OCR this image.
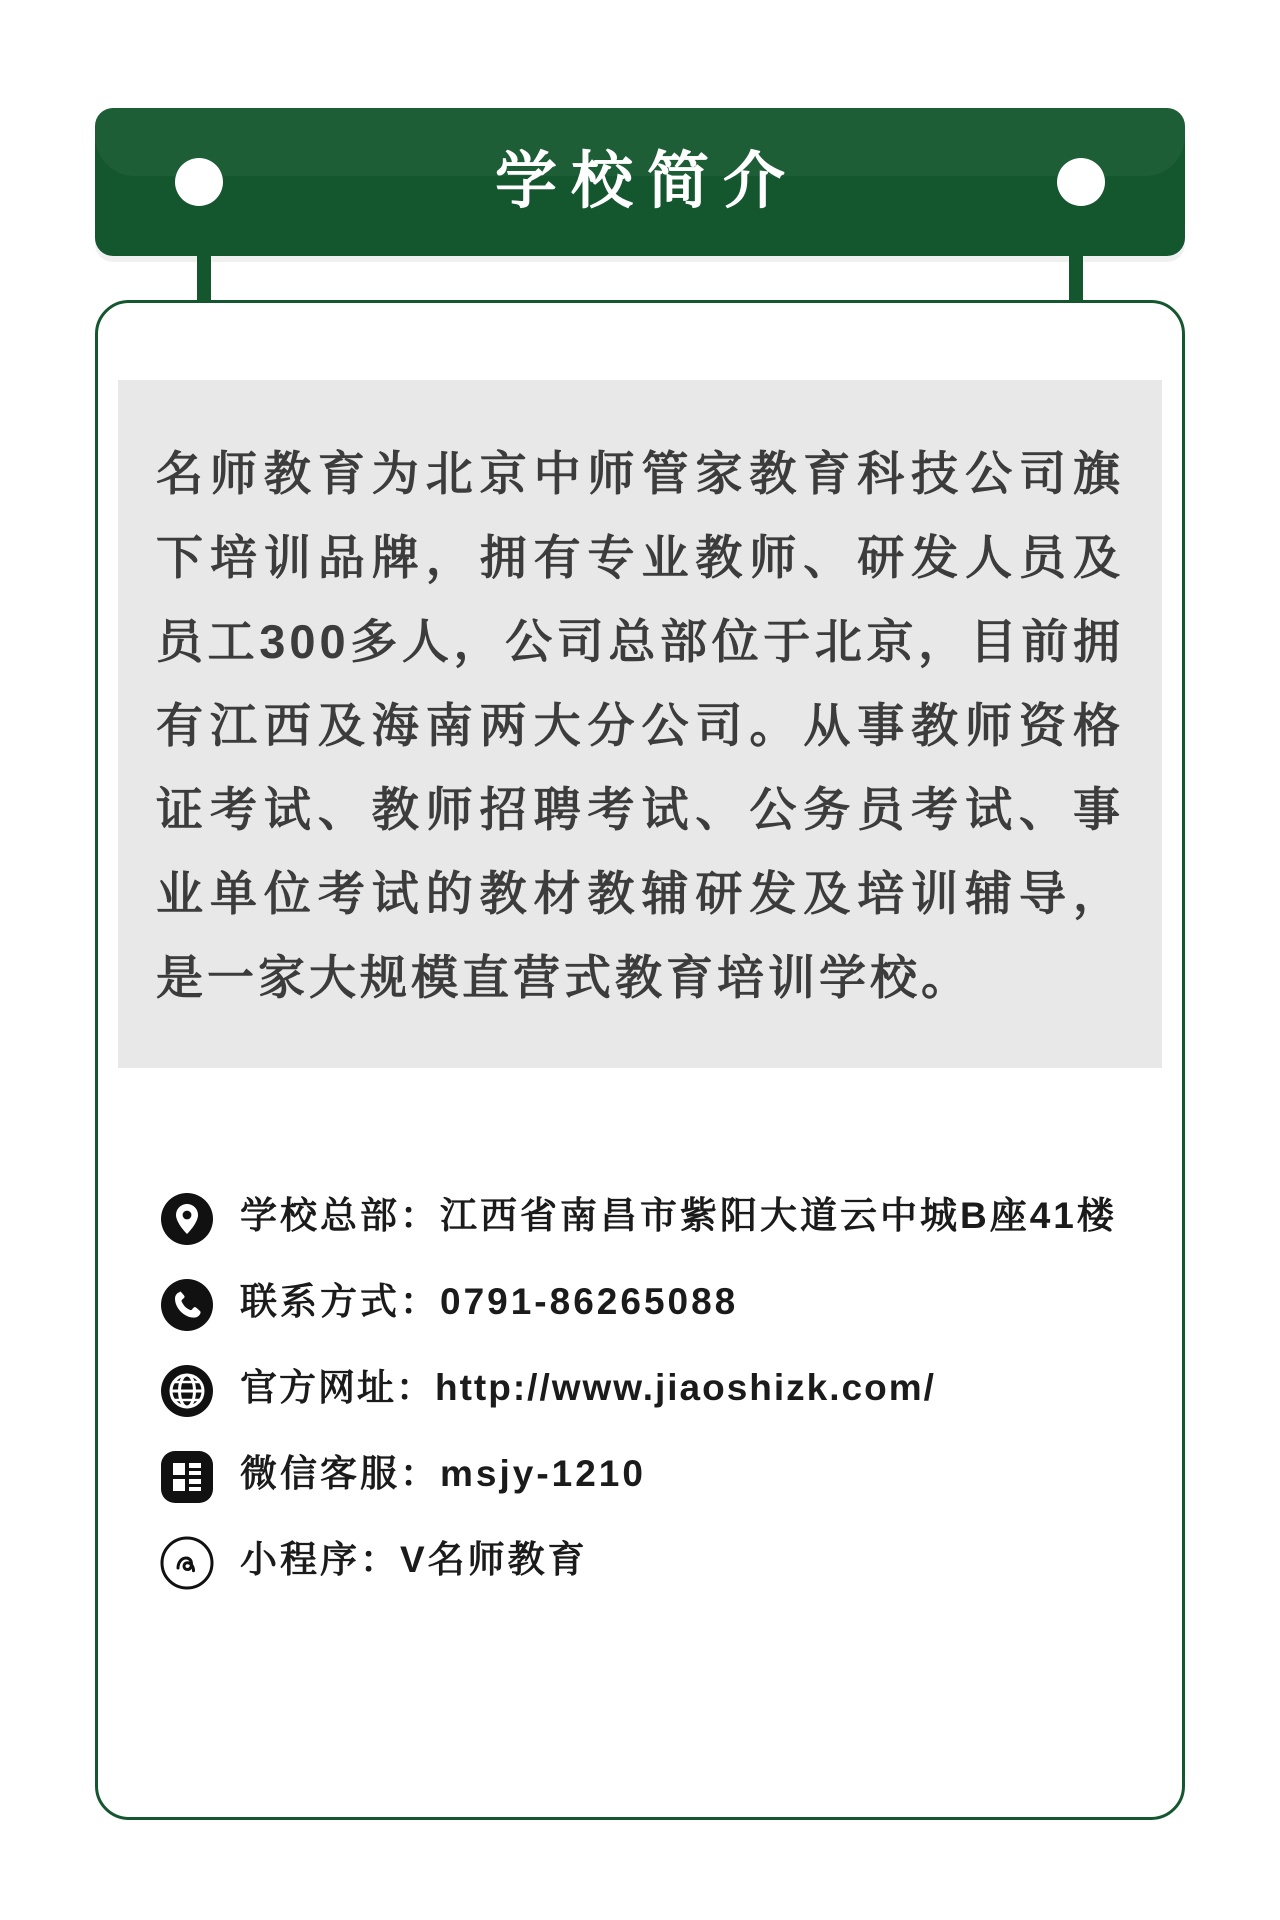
学校简介

名师教育为北京中师管家教育科技公司旗下培训品牌，拥有专业教师、研发人员及员工300多人，公司总部位于北京，目前拥有江西及海南两大分公司。从事教师资格证考试、教师招聘考试、公务员考试、事业单位考试的教材教辅研发及培训辅导，是一家大规模直营式教育培训学校。

学校总部：江西省南昌市紫阳大道云中城B座41楼
联系方式：0791-86265088
官方网址：http://www.jiaoshizk.com/
微信客服：msjy-1210
小程序：V名师教育
